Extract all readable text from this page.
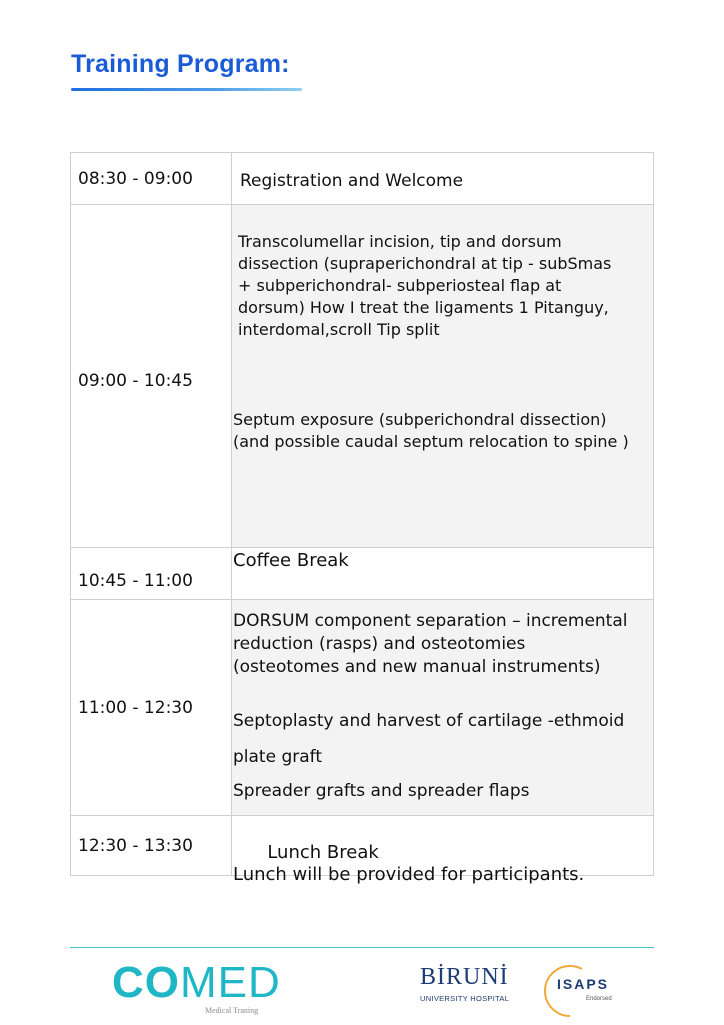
Training Program:
08:30 - 09:00	Registration and Welcome
09:00 - 10:45
Transcolumellar incision, tip and dorsum dissection (supraperichondral at tip - subSmas + subperichondral- subperiosteal flap at dorsum) How I treat the ligaments 1 Pitanguy, interdomal,scroll Tip split
Septum exposure (subperichondral dissection)
(and possible caudal septum relocation to spine )
10:45 - 11:00
Coffee Break
11:00 - 12:30
DORSUM component separation – incremental
reduction (rasps) and osteotomies
(osteotomes and new manual instruments)
Septoplasty and harvest of cartilage -ethmoid
plate graft
Spreader grafts and spreader flaps
12:30 - 13:30	Lunch Break
Lunch will be provided for participants.

COMED
Medical Traning
BİRUNİ
UNIVERSITY HOSPITAL
ISAPS
Endorsed
